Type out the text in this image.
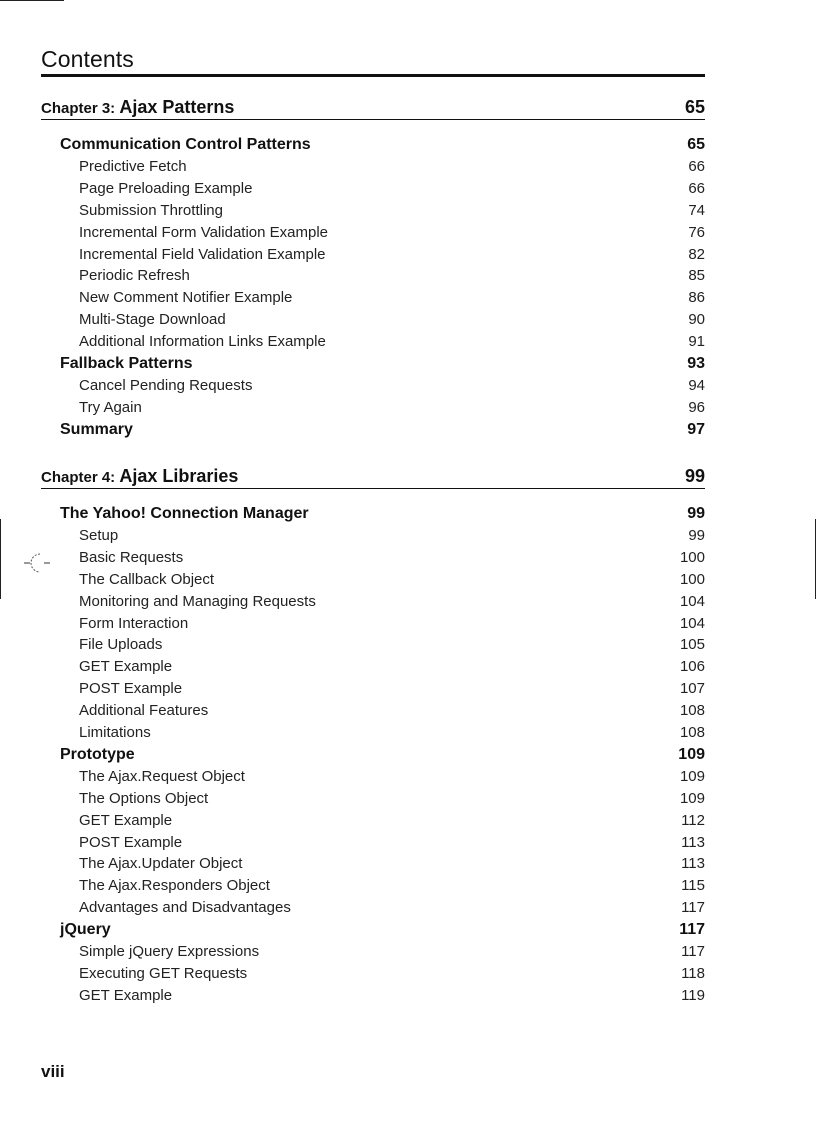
Contents
Chapter 3: Ajax Patterns	65
Communication Control Patterns	65
Predictive Fetch	66
Page Preloading Example	66
Submission Throttling	74
Incremental Form Validation Example	76
Incremental Field Validation Example	82
Periodic Refresh	85
New Comment Notifier Example	86
Multi-Stage Download	90
Additional Information Links Example	91
Fallback Patterns	93
Cancel Pending Requests	94
Try Again	96
Summary	97
Chapter 4: Ajax Libraries	99
The Yahoo! Connection Manager	99
Setup	99
Basic Requests	100
The Callback Object	100
Monitoring and Managing Requests	104
Form Interaction	104
File Uploads	105
GET Example	106
POST Example	107
Additional Features	108
Limitations	108
Prototype	109
The Ajax.Request Object	109
The Options Object	109
GET Example	112
POST Example	113
The Ajax.Updater Object	113
The Ajax.Responders Object	115
Advantages and Disadvantages	117
jQuery	117
Simple jQuery Expressions	117
Executing GET Requests	118
GET Example	119
viii
